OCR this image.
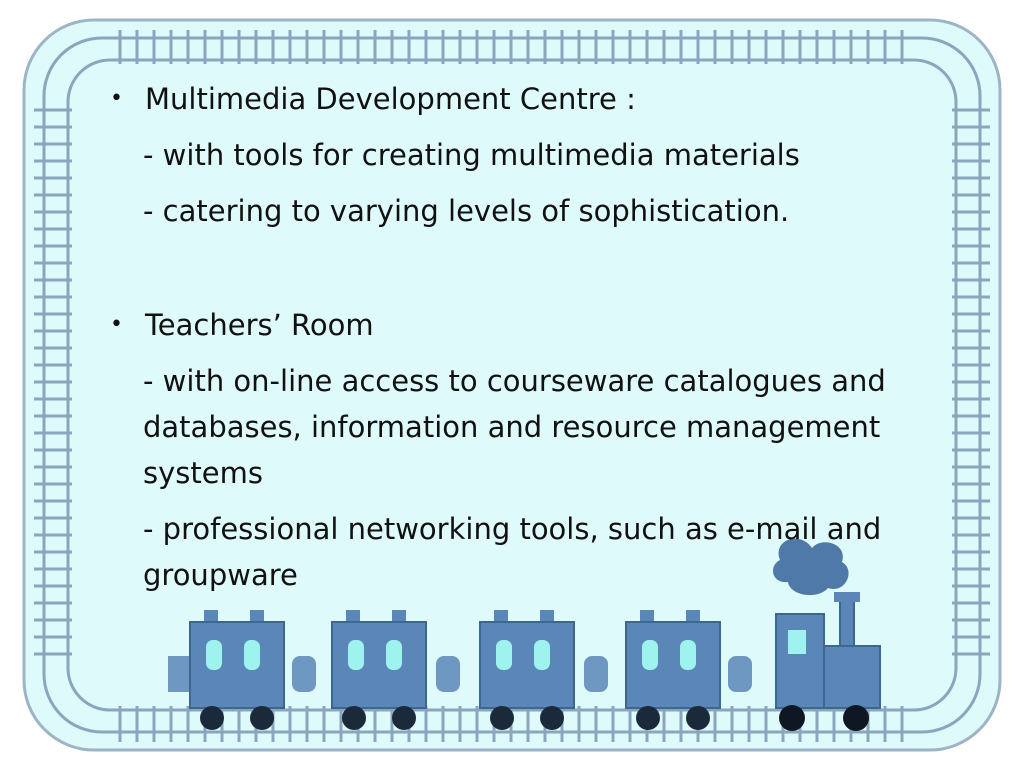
• Multimedia Development Centre :
- with tools for creating multimedia materials
- catering to varying levels of sophistication.
• Teachers’ Room
- with on-line access to courseware catalogues and databases, information and resource management systems
- professional networking tools, such as e-mail and groupware
